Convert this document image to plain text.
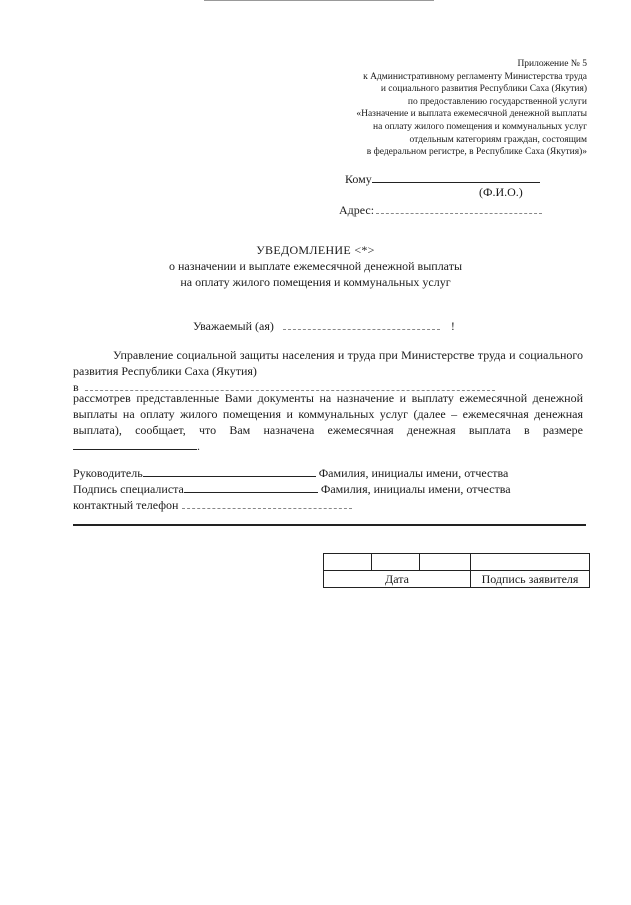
Приложение № 5
к Административному регламенту Министерства труда
и социального развития Республики Саха (Якутия)
по предоставлению государственной услуги
«Назначение и выплата ежемесячной денежной выплаты
на оплату жилого помещения и коммунальных услуг
отдельным категориям граждан, состоящим
в федеральном регистре, в Республике Саха (Якутия)»
Кому
(Ф.И.О.)
Адрес:
УВЕДОМЛЕНИЕ <*>
о назначении и выплате ежемесячной денежной выплаты
на оплату жилого помещения и коммунальных услуг
Уважаемый (ая)	!
Управление социальной защиты населения и труда при Министерстве труда и социального развития Республики Саха (Якутия)
в
рассмотрев представленные Вами документы на назначение и выплату ежемесячной денежной выплаты на оплату жилого помещения и коммунальных услуг (далее – ежемесячная денежная выплата), сообщает, что Вам назначена ежемесячная денежная выплата в размере.
Руководитель	Фамилия, инициалы имени, отчества
Подпись специалиста	Фамилия, инициалы имени, отчества
контактный телефон

Дата			Подпись заявителя
